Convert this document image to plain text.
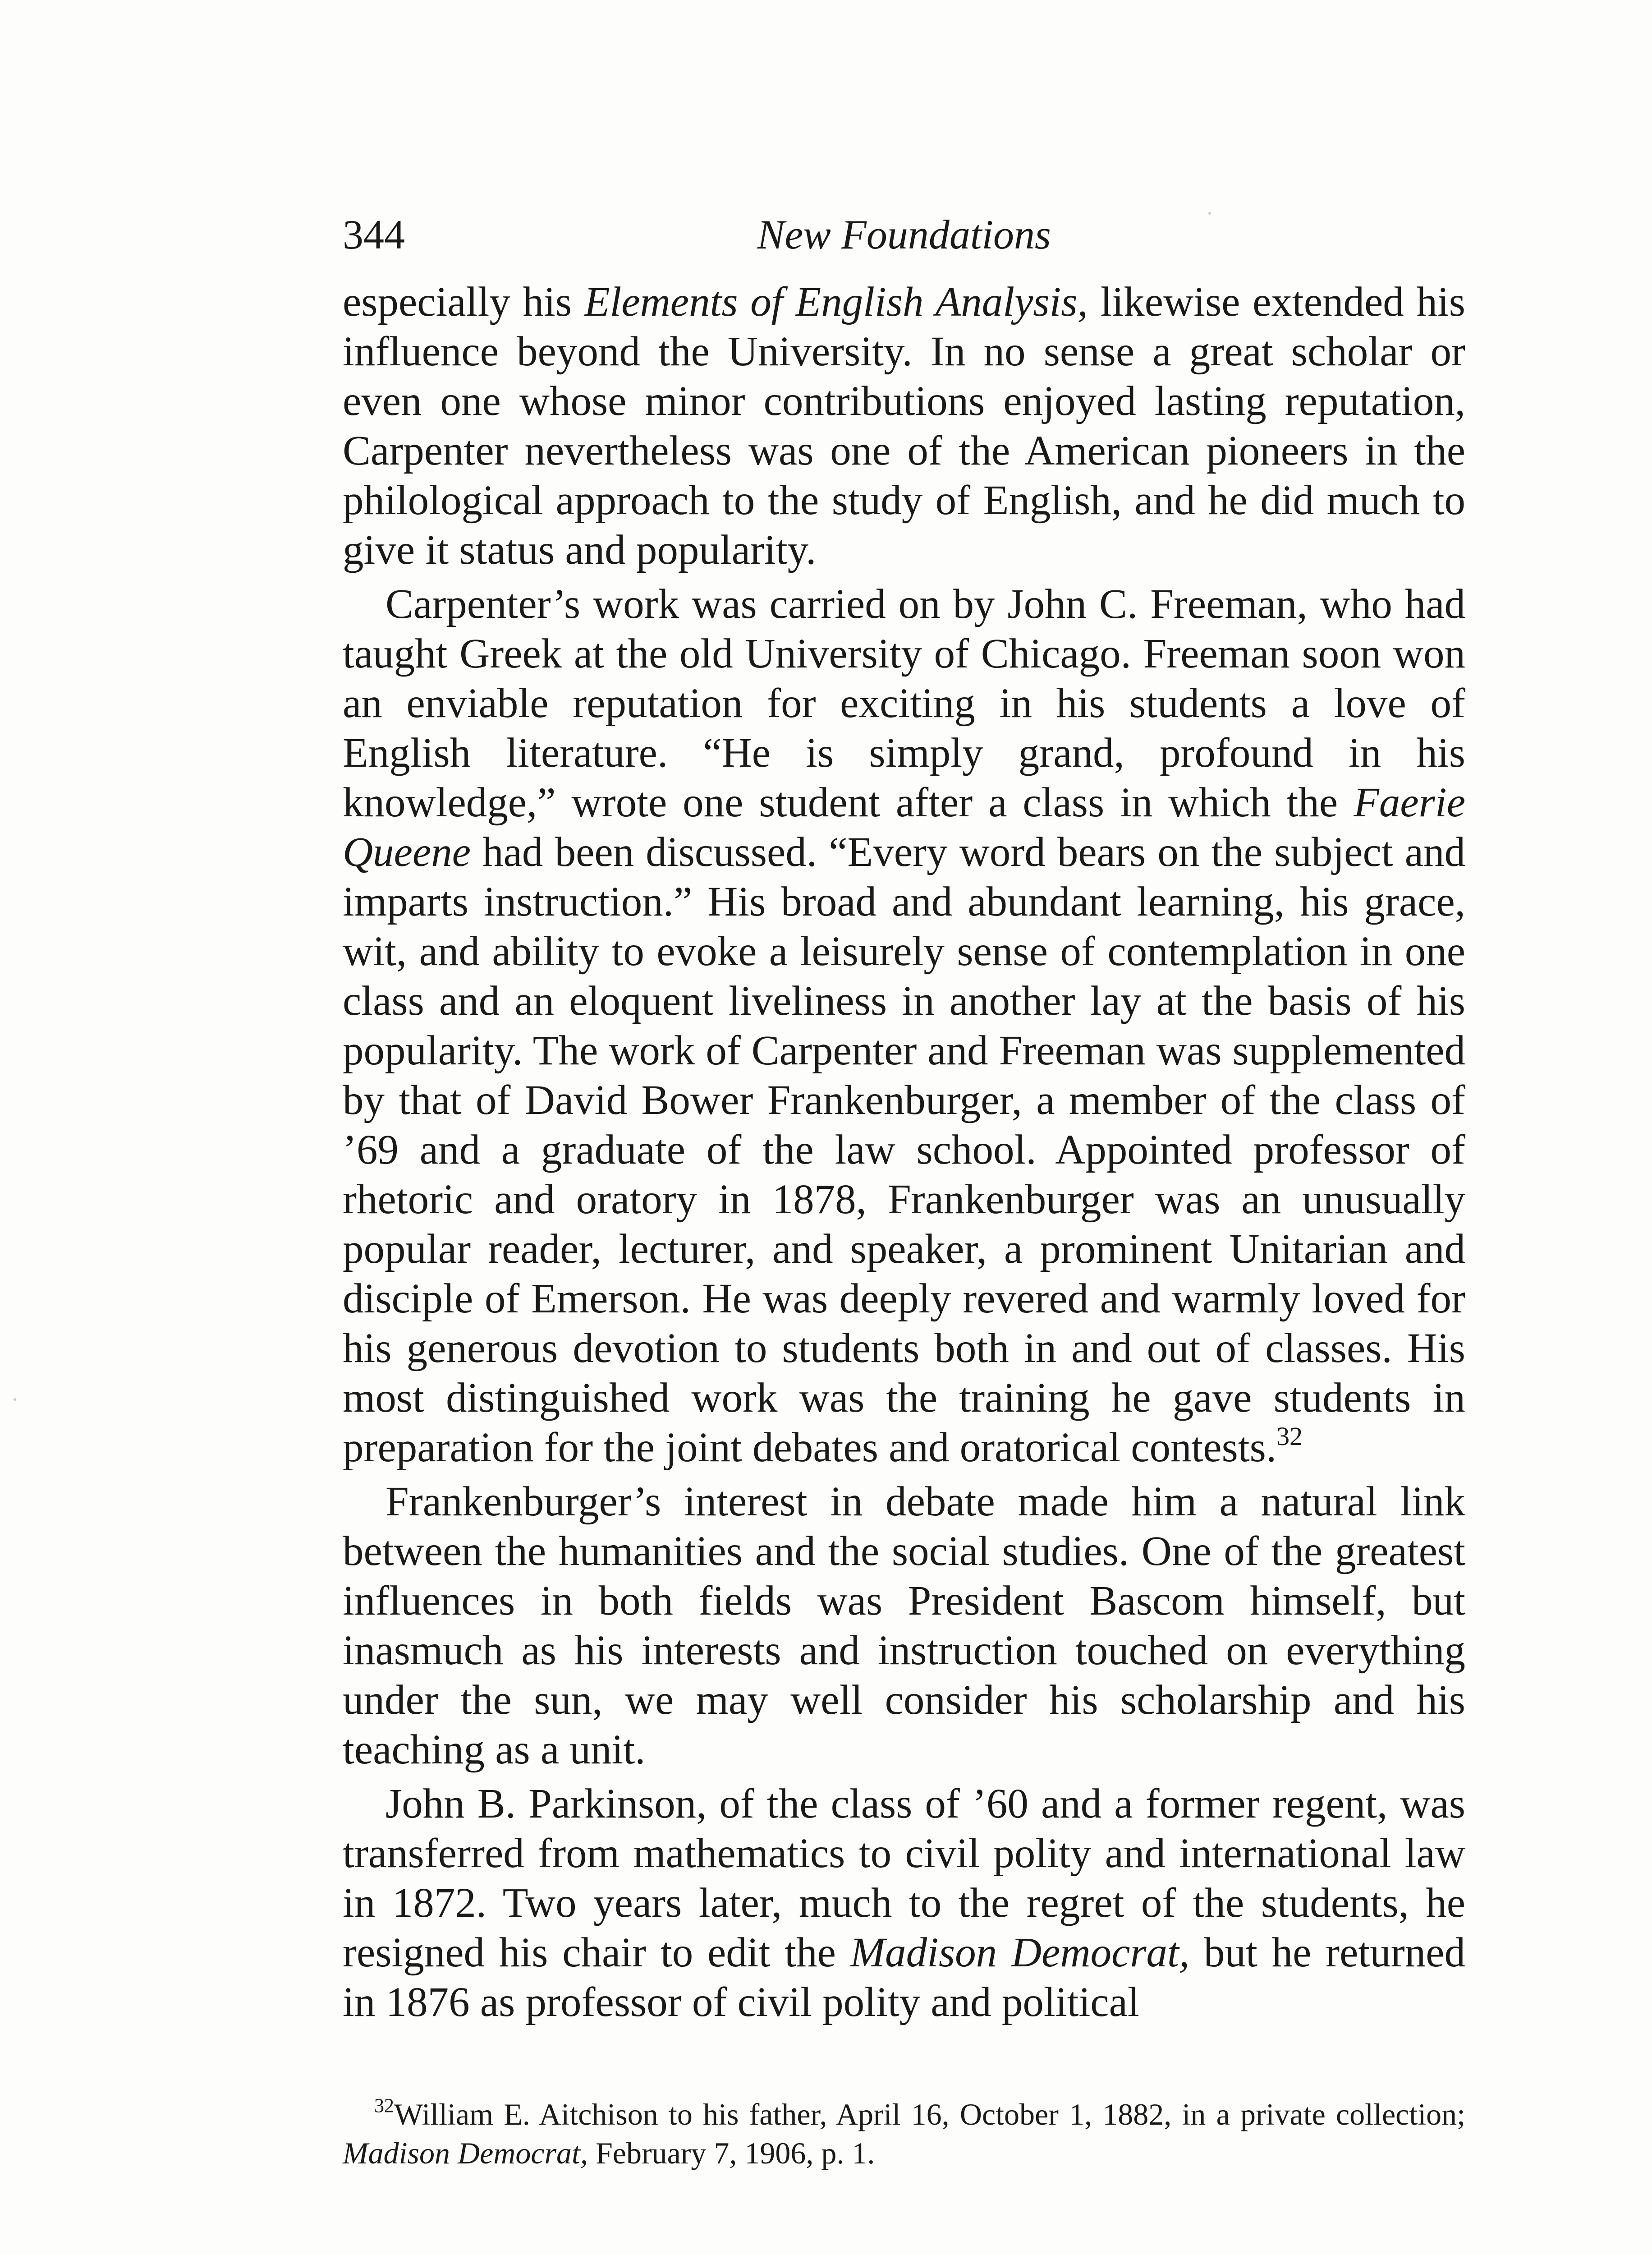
344	New Foundations

especially his Elements of English Analysis, likewise extended his influence beyond the University. In no sense a great scholar or even one whose minor contributions enjoyed lasting reputation, Carpenter nevertheless was one of the American pioneers in the philological approach to the study of English, and he did much to give it status and popularity.

Carpenter’s work was carried on by John C. Freeman, who had taught Greek at the old University of Chicago. Freeman soon won an enviable reputation for exciting in his students a love of English literature. “He is simply grand, profound in his knowledge,” wrote one student after a class in which the Faerie Queene had been discussed. “Every word bears on the subject and imparts instruction.” His broad and abundant learning, his grace, wit, and ability to evoke a leisurely sense of contemplation in one class and an eloquent liveliness in another lay at the basis of his popularity. The work of Carpenter and Freeman was supplemented by that of David Bower Frankenburger, a member of the class of ’69 and a graduate of the law school. Appointed professor of rhetoric and oratory in 1878, Frankenburger was an unusually popular reader, lecturer, and speaker, a prominent Unitarian and disciple of Emerson. He was deeply revered and warmly loved for his generous devotion to students both in and out of classes. His most distinguished work was the training he gave students in preparation for the joint debates and oratorical contests.$^{32}$

Frankenburger’s interest in debate made him a natural link between the humanities and the social studies. One of the greatest influences in both fields was President Bascom himself, but inasmuch as his interests and instruction touched on everything under the sun, we may well consider his scholarship and his teaching as a unit.

John B. Parkinson, of the class of ’60 and a former regent, was transferred from mathematics to civil polity and international law in 1872. Two years later, much to the regret of the students, he resigned his chair to edit the Madison Democrat, but he returned in 1876 as professor of civil polity and political

$^{32}$William E. Aitchison to his father, April 16, October 1, 1882, in a private collection; Madison Democrat, February 7, 1906, p. 1.
